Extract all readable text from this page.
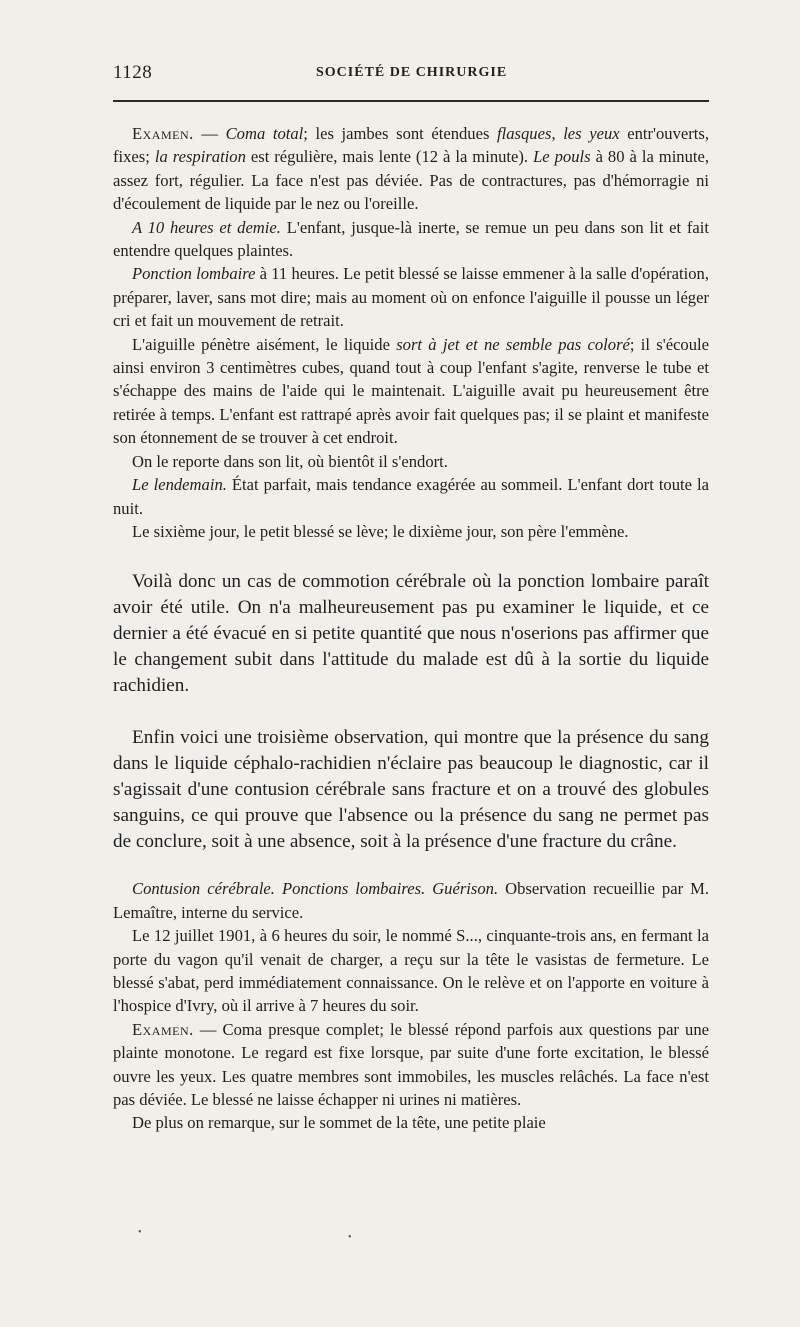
1128	SOCIÉTÉ DE CHIRURGIE

Examen. — Coma total; les jambes sont étendues flasques, les yeux entr'ouverts, fixes; la respiration est régulière, mais lente (12 à la minute). Le pouls à 80 à la minute, assez fort, régulier. La face n'est pas déviée. Pas de contractures, pas d'hémorragie ni d'écoulement de liquide par le nez ou l'oreille.

A 10 heures et demie. L'enfant, jusque-là inerte, se remue un peu dans son lit et fait entendre quelques plaintes.

Ponction lombaire à 11 heures. Le petit blessé se laisse emmener à la salle d'opération, préparer, laver, sans mot dire; mais au moment où on enfonce l'aiguille il pousse un léger cri et fait un mouvement de retrait.

L'aiguille pénètre aisément, le liquide sort à jet et ne semble pas coloré; il s'écoule ainsi environ 3 centimètres cubes, quand tout à coup l'enfant s'agite, renverse le tube et s'échappe des mains de l'aide qui le maintenait. L'aiguille avait pu heureusement être retirée à temps. L'enfant est rattrapé après avoir fait quelques pas; il se plaint et manifeste son étonnement de se trouver à cet endroit.

On le reporte dans son lit, où bientôt il s'endort.

Le lendemain. État parfait, mais tendance exagérée au sommeil. L'enfant dort toute la nuit.

Le sixième jour, le petit blessé se lève; le dixième jour, son père l'emmène.

Voilà donc un cas de commotion cérébrale où la ponction lombaire paraît avoir été utile. On n'a malheureusement pas pu examiner le liquide, et ce dernier a été évacué en si petite quantité que nous n'oserions pas affirmer que le changement subit dans l'attitude du malade est dû à la sortie du liquide rachidien.

Enfin voici une troisième observation, qui montre que la présence du sang dans le liquide céphalo-rachidien n'éclaire pas beaucoup le diagnostic, car il s'agissait d'une contusion cérébrale sans fracture et on a trouvé des globules sanguins, ce qui prouve que l'absence ou la présence du sang ne permet pas de conclure, soit à une absence, soit à la présence d'une fracture du crâne.

Contusion cérébrale. Ponctions lombaires. Guérison. Observation recueillie par M. Lemaître, interne du service.

Le 12 juillet 1901, à 6 heures du soir, le nommé S..., cinquante-trois ans, en fermant la porte du vagon qu'il venait de charger, a reçu sur la tête le vasistas de fermeture. Le blessé s'abat, perd immédiatement connaissance. On le relève et on l'apporte en voiture à l'hospice d'Ivry, où il arrive à 7 heures du soir.

Examen. — Coma presque complet; le blessé répond parfois aux questions par une plainte monotone. Le regard est fixe lorsque, par suite d'une forte excitation, le blessé ouvre les yeux. Les quatre membres sont immobiles, les muscles relâchés. La face n'est pas déviée. Le blessé ne laisse échapper ni urines ni matières.

De plus on remarque, sur le sommet de la tête, une petite plaie

•	•
